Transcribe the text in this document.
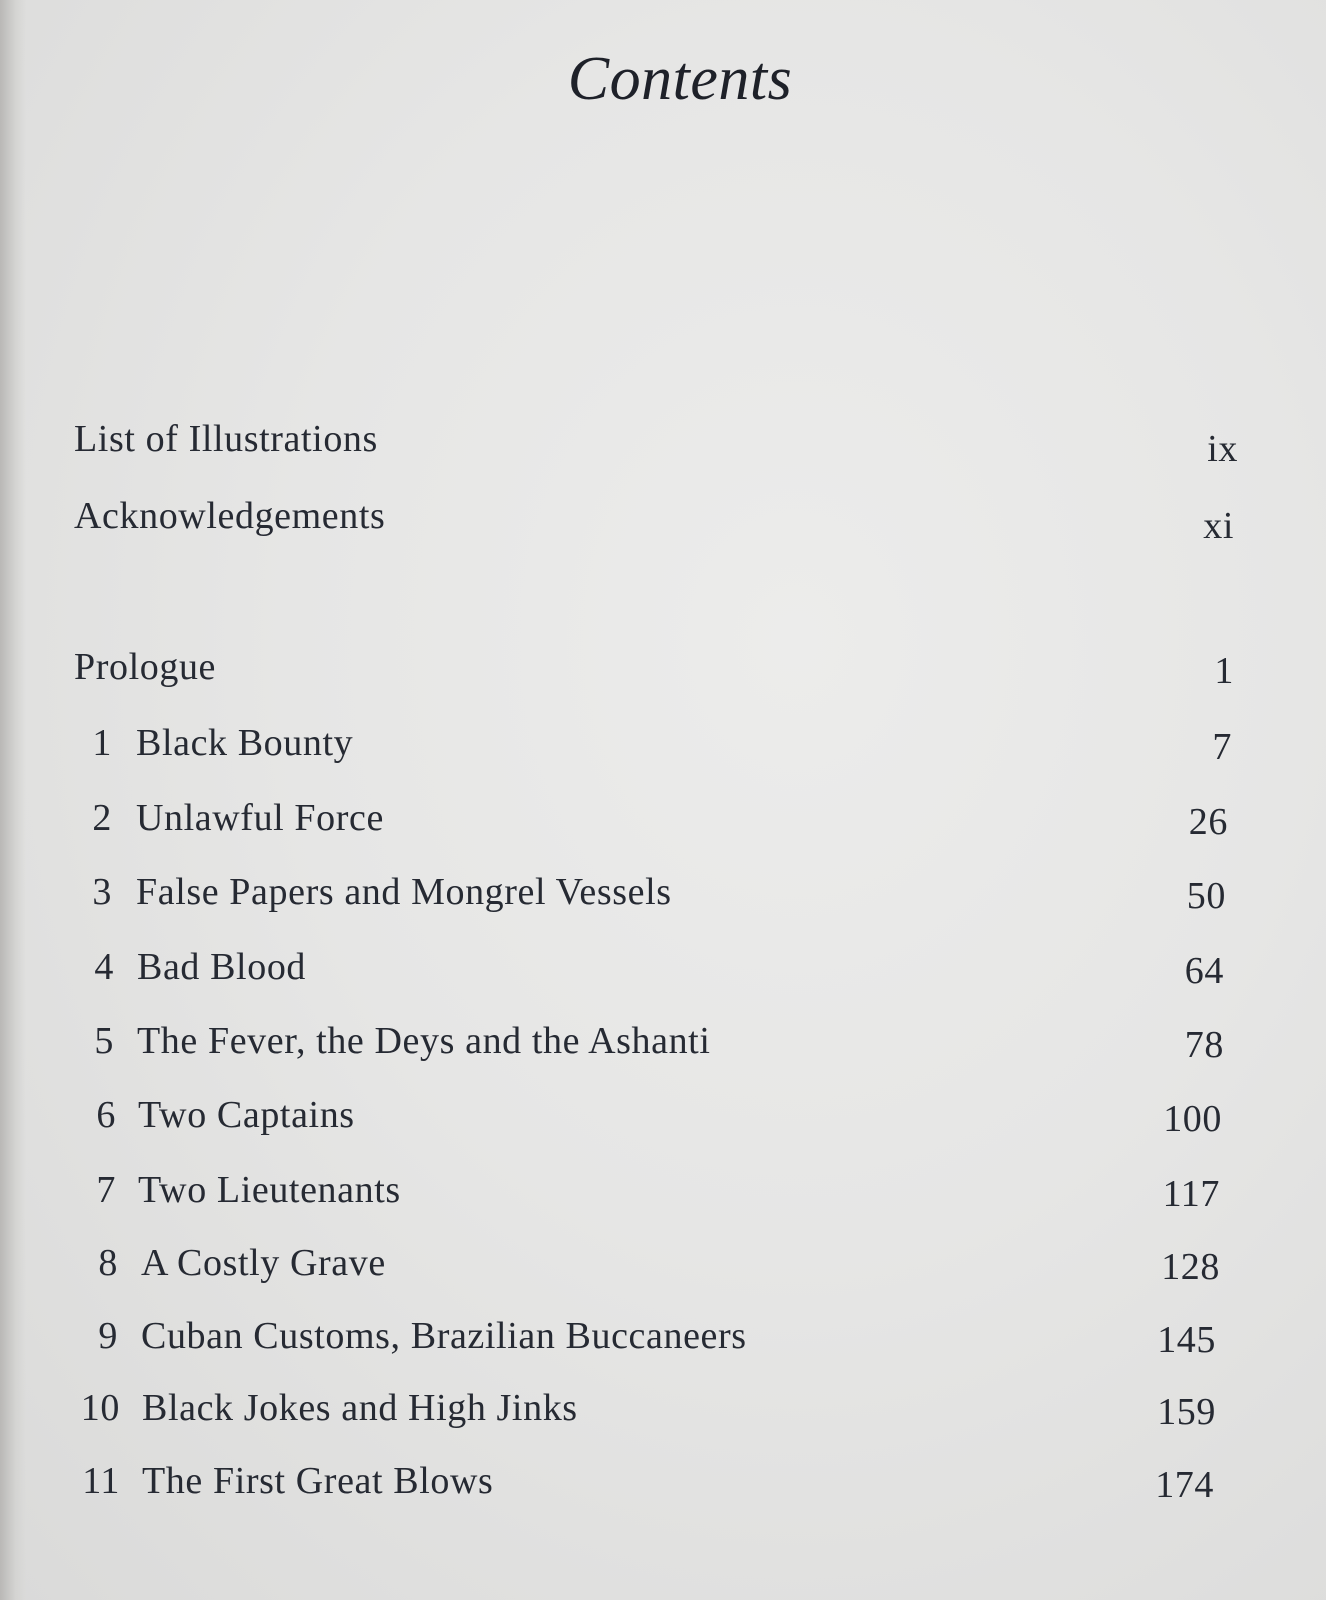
Contents
List of Illustrations	ix
Acknowledgements	xi
Prologue	1
1 Black Bounty	7
2 Unlawful Force	26
3 False Papers and Mongrel Vessels	50
4 Bad Blood	64
5 The Fever, the Deys and the Ashanti	78
6 Two Captains	100
7 Two Lieutenants	117
8 A Costly Grave	128
9 Cuban Customs, Brazilian Buccaneers	145
10 Black Jokes and High Jinks	159
11 The First Great Blows	174
